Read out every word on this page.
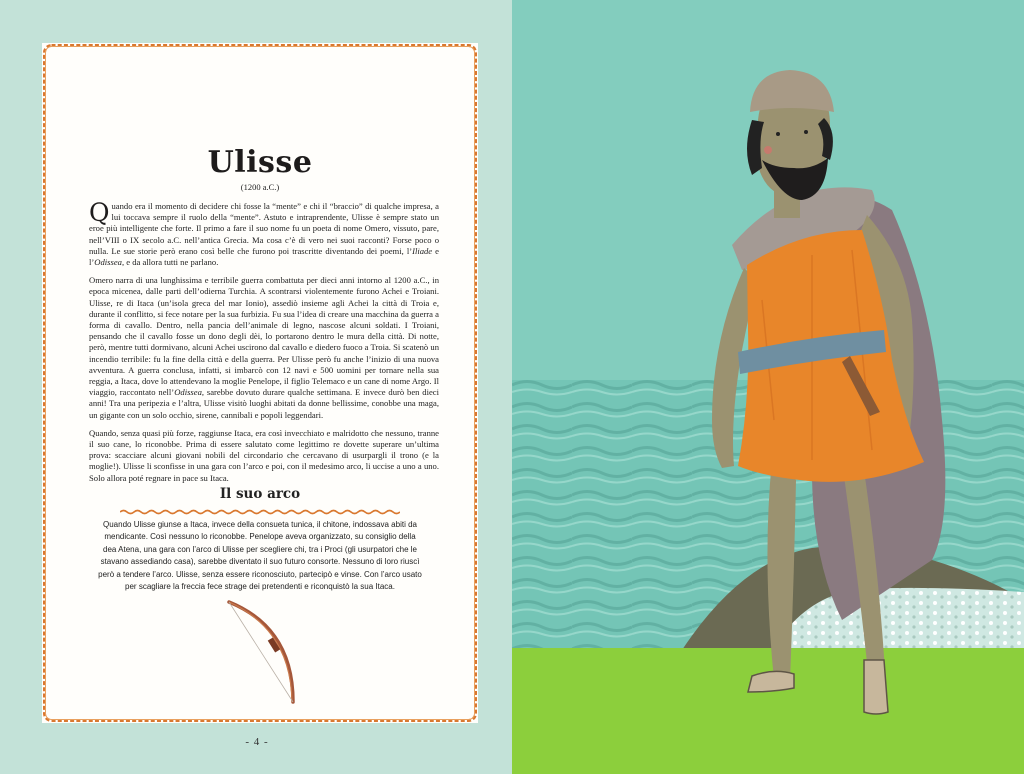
Ulisse
(1200 a.C.)

Quando era il momento di decidere chi fosse la “mente” e chi il “braccio” di qualche impresa, a lui toccava sempre il ruolo della “mente”. Astuto e intraprendente, Ulisse è sempre stato un eroe più intelligente che forte. Il primo a fare il suo nome fu un poeta di nome Omero, vissuto, pare, nell’VIII o IX secolo a.C. nell’antica Grecia. Ma cosa c’è di vero nei suoi racconti? Forse poco o nulla. Le sue storie però erano così belle che furono poi trascritte diventando dei poemi, l’Iliade e l’Odissea, e da allora tutti ne parlano.

Omero narra di una lunghissima e terribile guerra combattuta per dieci anni intorno al 1200 a.C., in epoca micenea, dalle parti dell’odierna Turchia. A scontrarsi violentemente furono Achei e Troiani. Ulisse, re di Itaca (un’isola greca del mar Ionio), assediò insieme agli Achei la città di Troia e, durante il conflitto, si fece notare per la sua furbizia. Fu sua l’idea di creare una macchina da guerra a forma di cavallo. Dentro, nella pancia dell’animale di legno, nascose alcuni soldati. I Troiani, pensando che il cavallo fosse un dono degli dèi, lo portarono dentro le mura della città. Di notte, però, mentre tutti dormivano, alcuni Achei uscirono dal cavallo e diedero fuoco a Troia. Si scatenò un incendio terribile: fu la fine della città e della guerra. Per Ulisse però fu anche l’inizio di una nuova avventura. A guerra conclusa, infatti, si imbarcò con 12 navi e 500 uomini per tornare nella sua reggia, a Itaca, dove lo attendevano la moglie Penelope, il figlio Telemaco e un cane di nome Argo. Il viaggio, raccontato nell’Odissea, sarebbe dovuto durare qualche settimana. E invece durò ben dieci anni! Tra una peripezia e l’altra, Ulisse visitò luoghi abitati da donne bellissime, conobbe una maga, un gigante con un solo occhio, sirene, cannibali e popoli leggendari.

Quando, senza quasi più forze, raggiunse Itaca, era così invecchiato e malridotto che nessuno, tranne il suo cane, lo riconobbe. Prima di essere salutato come legittimo re dovette superare un’ultima prova: scacciare alcuni giovani nobili del circondario che cercavano di usurpargli il trono (e la moglie!). Ulisse li sconfisse in una gara con l’arco e poi, con il medesimo arco, li uccise a uno a uno. Solo allora poté regnare in pace su Itaca.

Il suo arco

Quando Ulisse giunse a Itaca, invece della consueta tunica, il chitone, indossava abiti da mendicante. Così nessuno lo riconobbe. Penelope aveva organizzato, su consiglio della dea Atena, una gara con l’arco di Ulisse per scegliere chi, tra i Proci (gli usurpatori che le stavano assediando casa), sarebbe diventato il suo futuro consorte. Nessuno di loro riuscì però a tendere l’arco. Ulisse, senza essere riconosciuto, partecipò e vinse. Con l’arco usato per scagliare la freccia fece strage dei pretendenti e riconquistò la sua Itaca.

- 4 -
